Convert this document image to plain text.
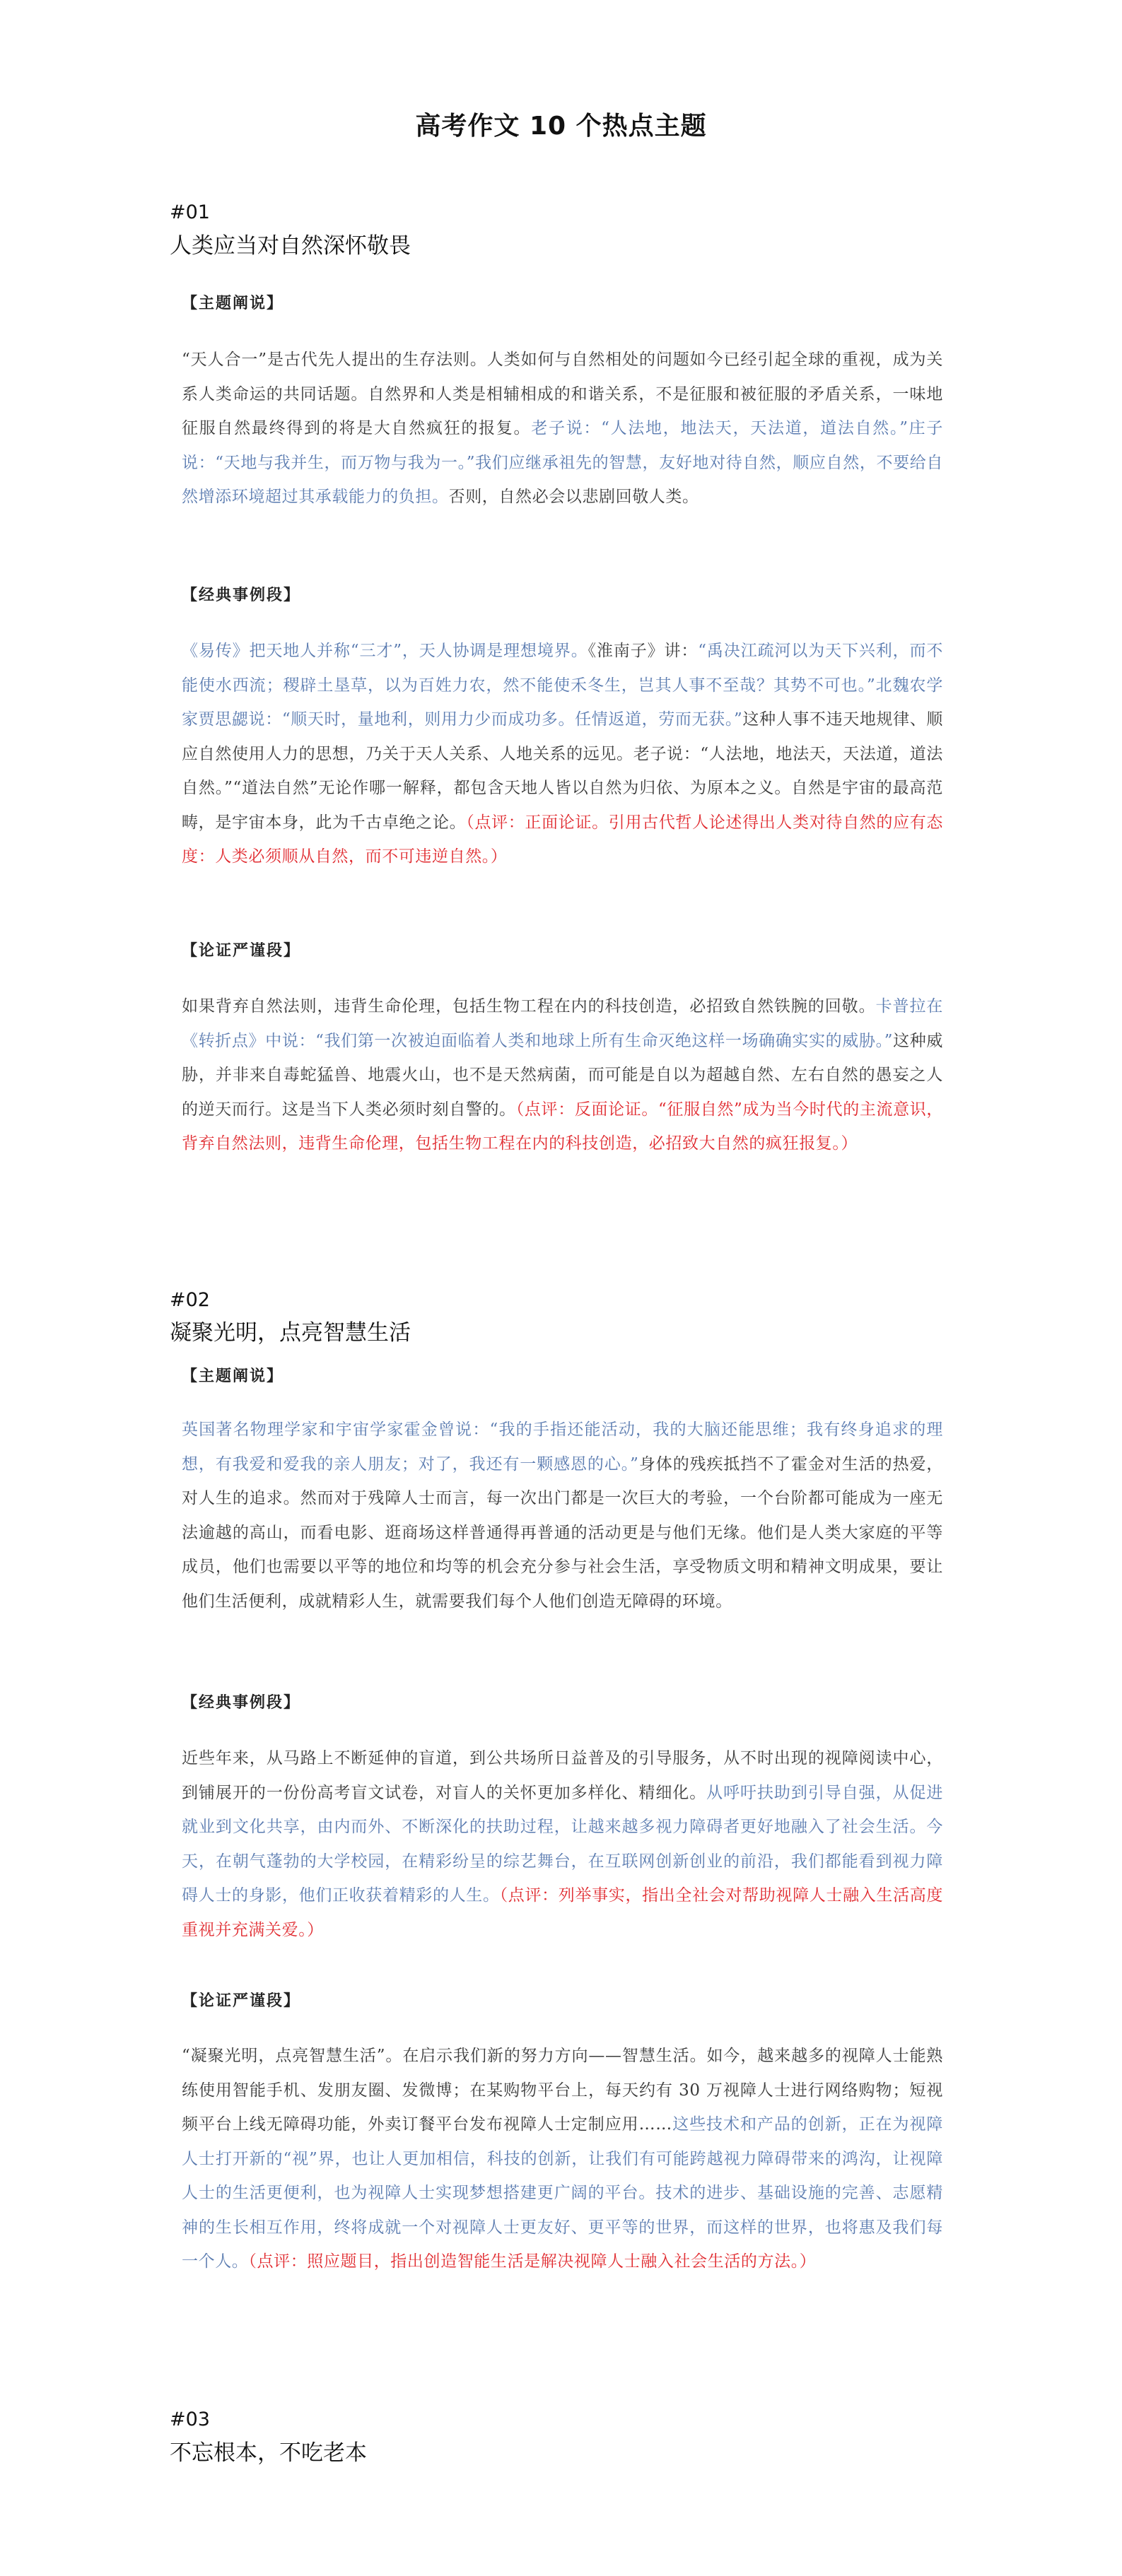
高考作文 10 个热点主题
#01
人类应当对自然深怀敬畏
【主题阐说】
“天人合一”是古代先人提出的生存法则。人类如何与自然相处的问题如今已经引起全球的重视，成为关系人类命运的共同话题。自然界和人类是相辅相成的和谐关系，不是征服和被征服的矛盾关系，一味地征服自然最终得到的将是大自然疯狂的报复。老子说：“人法地，地法天，天法道，道法自然。”庄子说：“天地与我并生，而万物与我为一。”我们应继承祖先的智慧，友好地对待自然，顺应自然，不要给自然增添环境超过其承载能力的负担。否则，自然必会以悲剧回敬人类。
【经典事例段】
《易传》把天地人并称“三才”，天人协调是理想境界。《淮南子》讲：“禹决江疏河以为天下兴利，而不能使水西流；稷辟土垦草，以为百姓力农，然不能使禾冬生，岂其人事不至哉？其势不可也。”北魏农学家贾思勰说：“顺天时，量地利，则用力少而成功多。任情返道，劳而无获。”这种人事不违天地规律、顺应自然使用人力的思想，乃关于天人关系、人地关系的远见。老子说：“人法地，地法天，天法道，道法自然。”“道法自然”无论作哪一解释，都包含天地人皆以自然为归依、为原本之义。自然是宇宙的最高范畴，是宇宙本身，此为千古卓绝之论。（点评：正面论证。引用古代哲人论述得出人类对待自然的应有态度：人类必须顺从自然，而不可违逆自然。）
【论证严谨段】
如果背弃自然法则，违背生命伦理，包括生物工程在内的科技创造，必招致自然铁腕的回敬。卡普拉在《转折点》中说：“我们第一次被迫面临着人类和地球上所有生命灭绝这样一场确确实实的威胁。”这种威胁，并非来自毒蛇猛兽、地震火山，也不是天然病菌，而可能是自以为超越自然、左右自然的愚妄之人的逆天而行。这是当下人类必须时刻自警的。（点评：反面论证。“征服自然”成为当今时代的主流意识，背弃自然法则，违背生命伦理，包括生物工程在内的科技创造，必招致大自然的疯狂报复。）
#02
凝聚光明，点亮智慧生活
【主题阐说】
英国著名物理学家和宇宙学家霍金曾说：“我的手指还能活动，我的大脑还能思维；我有终身追求的理想，有我爱和爱我的亲人朋友；对了，我还有一颗感恩的心。”身体的残疾抵挡不了霍金对生活的热爱，对人生的追求。然而对于残障人士而言，每一次出门都是一次巨大的考验，一个台阶都可能成为一座无法逾越的高山，而看电影、逛商场这样普通得再普通的活动更是与他们无缘。他们是人类大家庭的平等成员，他们也需要以平等的地位和均等的机会充分参与社会生活，享受物质文明和精神文明成果，要让他们生活便利，成就精彩人生，就需要我们每个人他们创造无障碍的环境。
【经典事例段】
近些年来，从马路上不断延伸的盲道，到公共场所日益普及的引导服务，从不时出现的视障阅读中心，到铺展开的一份份高考盲文试卷，对盲人的关怀更加多样化、精细化。从呼吁扶助到引导自强，从促进就业到文化共享，由内而外、不断深化的扶助过程，让越来越多视力障碍者更好地融入了社会生活。今天，在朝气蓬勃的大学校园，在精彩纷呈的综艺舞台，在互联网创新创业的前沿，我们都能看到视力障碍人士的身影，他们正收获着精彩的人生。（点评：列举事实，指出全社会对帮助视障人士融入生活高度重视并充满关爱。）
【论证严谨段】
“凝聚光明，点亮智慧生活”。在启示我们新的努力方向——智慧生活。如今，越来越多的视障人士能熟练使用智能手机、发朋友圈、发微博；在某购物平台上，每天约有 30 万视障人士进行网络购物；短视频平台上线无障碍功能，外卖订餐平台发布视障人士定制应用……这些技术和产品的创新，正在为视障人士打开新的“视”界，也让人更加相信，科技的创新，让我们有可能跨越视力障碍带来的鸿沟，让视障人士的生活更便利，也为视障人士实现梦想搭建更广阔的平台。技术的进步、基础设施的完善、志愿精神的生长相互作用，终将成就一个对视障人士更友好、更平等的世界，而这样的世界，也将惠及我们每一个人。（点评：照应题目，指出创造智能生活是解决视障人士融入社会生活的方法。）
#03
不忘根本，不吃老本
